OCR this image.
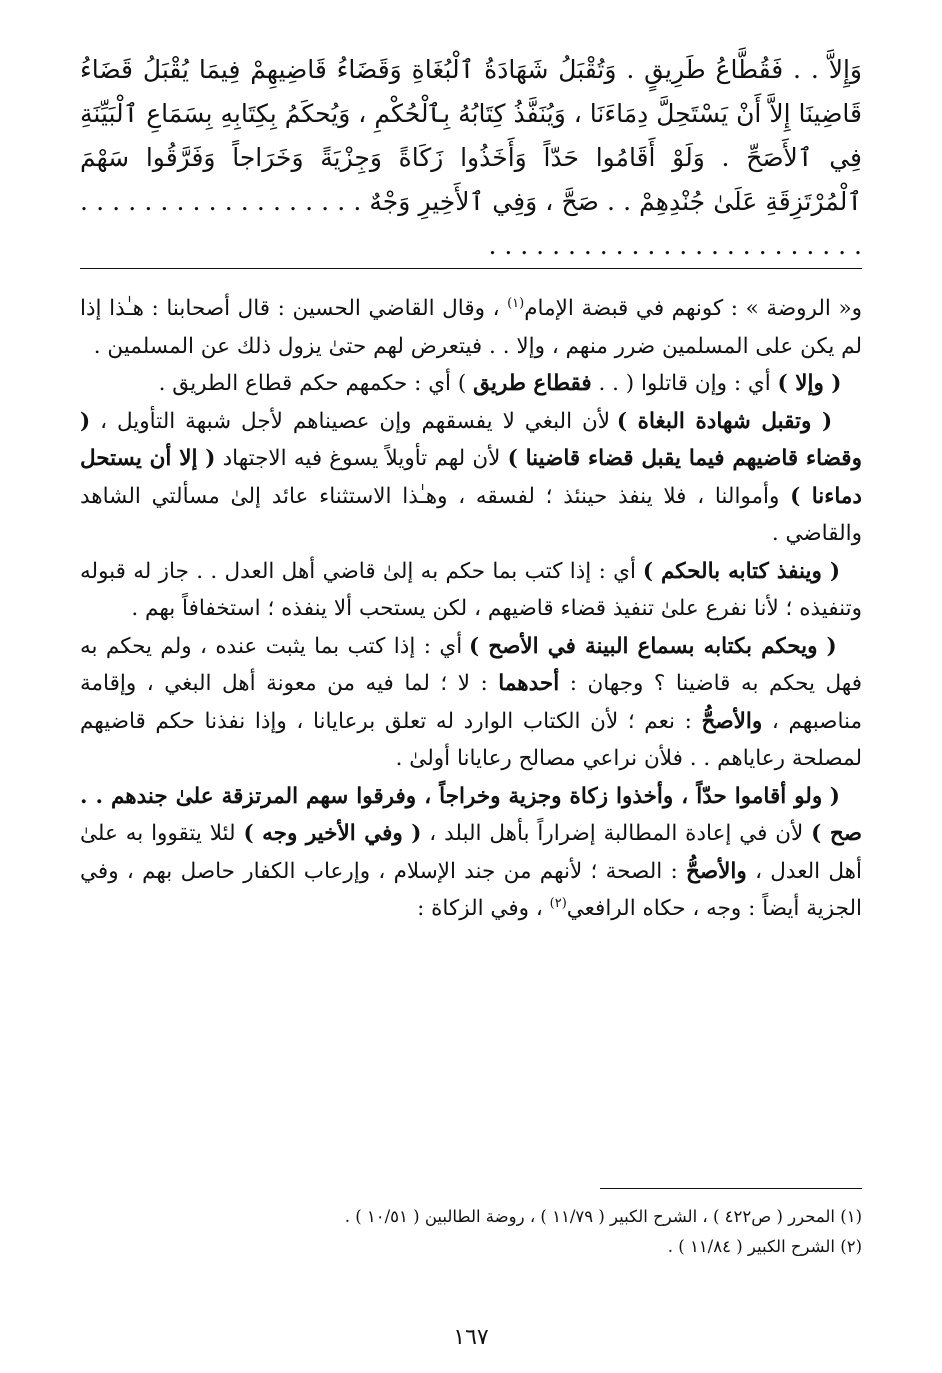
وَإِلاَّ . . فَقُطَّاعُ طَرِيقٍ . وَتُقْبَلُ شَهَادَةُ ٱلْبُغَاةِ وَقَضَاءُ قَاضِيهِمْ فِيمَا يُقْبَلُ قَضَاءُ قَاضِينَا إِلاَّ أَنْ يَسْتَحِلَّ دِمَاءَنَا ، وَيُنَفَّذُ كِتَابُهُ بِٱلْحُكْمِ ، وَيُحكَمُ بِكِتَابِهِ بِسَمَاعِ ٱلْبَيِّنَةِ فِي ٱلأَصَحِّ . وَلَوْ أَقَامُوا حَدّاً وَأَخَذُوا زَكَاةً وَجِزْيَةً وَخَرَاجاً وَفَرَّقُوا سَهْمَ ٱلْمُرْتَزِقَةِ عَلَىٰ جُنْدِهِمْ . . صَحَّ ، وَفِي ٱلأَخِيرِ وَجْهٌ . . . . . . . . . . . . . . . . . . . . . . . . . . . . . . . . . . . . . . . . . .

و« الروضة » : كونهم في قبضة الإمام$^{(١)}$ ، وقال القاضي الحسين : قال أصحابنا : هـٰذا إذا لم يكن على المسلمين ضرر منهم ، وإلا . . فيتعرض لهم حتىٰ يزول ذلك عن المسلمين .

( وإلا ) أي : وإن قاتلوا ( . . فقطاع طريق ) أي : حكمهم حكم قطاع الطريق .

( وتقبل شهادة البغاة ) لأن البغي لا يفسقهم وإن عصيناهم لأجل شبهة التأويل ، ( وقضاء قاضيهم فيما يقبل قضاء قاضينا ) لأن لهم تأويلاً يسوغ فيه الاجتهاد ( إلا أن يستحل دماءنا ) وأموالنا ، فلا ينفذ حينئذ ؛ لفسقه ، وهـٰذا الاستثناء عائد إلىٰ مسألتي الشاهد والقاضي .

( وينفذ كتابه بالحكم ) أي : إذا كتب بما حكم به إلىٰ قاضي أهل العدل . . جاز له قبوله وتنفيذه ؛ لأنا نفرع علىٰ تنفيذ قضاء قاضيهم ، لكن يستحب ألا ينفذه ؛ استخفافاً بهم .

( ويحكم بكتابه بسماع البينة في الأصح ) أي : إذا كتب بما يثبت عنده ، ولم يحكم به فهل يحكم به قاضينا ؟ وجهان : أحدهما : لا ؛ لما فيه من معونة أهل البغي ، وإقامة مناصبهم ، والأصحُّ : نعم ؛ لأن الكتاب الوارد له تعلق برعايانا ، وإذا نفذنا حكم قاضيهم لمصلحة رعاياهم . . فلأن نراعي مصالح رعايانا أولىٰ .

( ولو أقاموا حدّاً ، وأخذوا زكاة وجزية وخراجاً ، وفرقوا سهم المرتزقة علىٰ جندهم . . صح ) لأن في إعادة المطالبة إضراراً بأهل البلد ، ( وفي الأخير وجه ) لئلا يتقووا به علىٰ أهل العدل ، والأصحُّ : الصحة ؛ لأنهم من جند الإسلام ، وإرعاب الكفار حاصل بهم ، وفي الجزية أيضاً : وجه ، حكاه الرافعي$^{(٢)}$ ، وفي الزكاة :

(١) المحرر ( ص٤٢٢ ) ، الشرح الكبير ( ١١/٧٩ ) ، روضة الطالبين ( ١٠/٥١ ) .

(٢) الشرح الكبير ( ١١/٨٤ ) .

١٦٧
